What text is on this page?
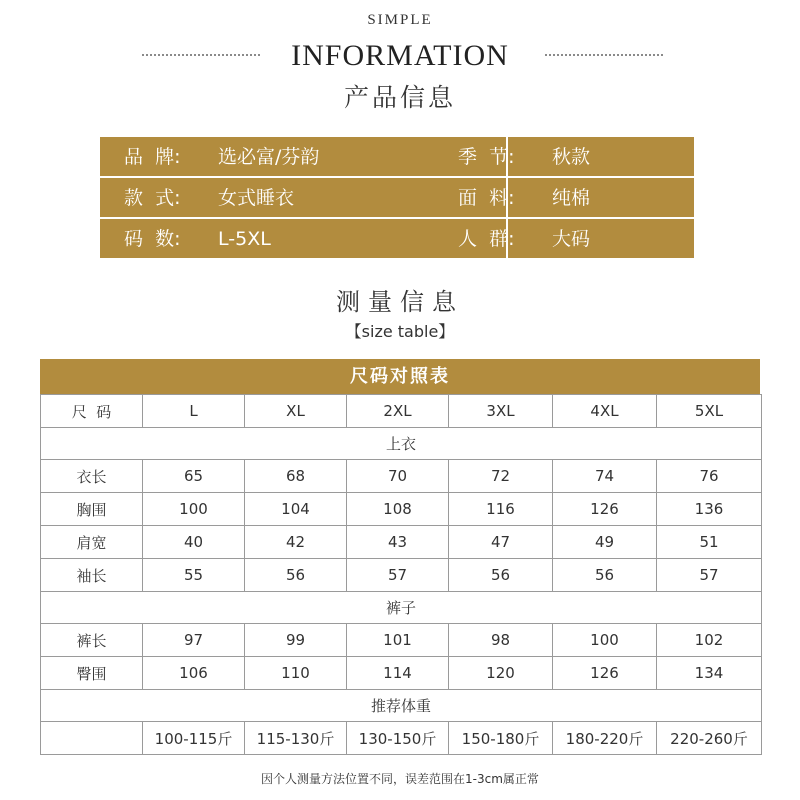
SIMPLE
INFORMATION
产品信息
品  牌: 选必富/芬韵	季  节: 秋款
款  式: 女式睡衣	面  料: 纯棉
码  数: L-5XL	人  群: 大码
测量信息
【size table】
尺码对照表
尺  码	L	XL	2XL	3XL	4XL	5XL
上衣						
衣长	65	68	70	72	74	76
胸围	100	104	108	116	126	136
肩宽	40	42	43	47	49	51
袖长	55	56	57	56	56	57
裤子						
裤长	97	99	101	98	100	102
臀围	106	110	114	120	126	134
推荐体重						
	100-115斤	115-130斤	130-150斤	150-180斤	180-220斤	220-260斤
因个人测量方法位置不同，误差范围在1-3cm属正常
